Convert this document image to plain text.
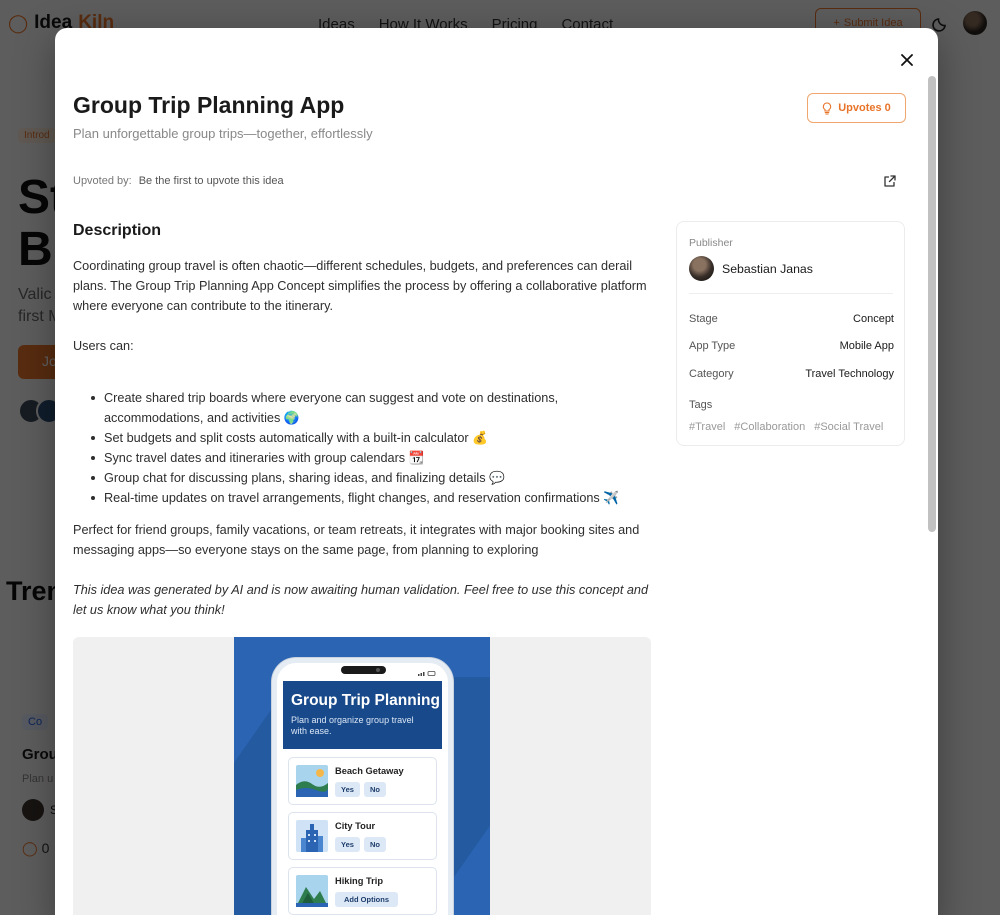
Group Trip Planning App
Plan unforgettable group trips—together, effortlessly
Upvotes 0
Upvoted by: Be the first to upvote this idea
Description

Coordinating group travel is often chaotic—different schedules, budgets, and preferences can derail plans. The Group Trip Planning App Concept simplifies the process by offering a collaborative platform where everyone can contribute to the itinerary.

Users can:

Create shared trip boards where everyone can suggest and vote on destinations, accommodations, and activities 🌍
Set budgets and split costs automatically with a built-in calculator 💰
Sync travel dates and itineraries with group calendars 📆
Group chat for discussing plans, sharing ideas, and finalizing details 💬
Real-time updates on travel arrangements, flight changes, and reservation confirmations ✈️

Perfect for friend groups, family vacations, or team retreats, it integrates with major booking sites and messaging apps—so everyone stays on the same page, from planning to exploring

This idea was generated by AI and is now awaiting human validation. Feel free to use this concept and let us know what you think!

Group Trip Planning
Plan and organize group travel with ease.
Beach Getaway
Yes	No
City Tour
Yes	No
Hiking Trip
Add Options
Publisher
Sebastian Janas
Stage	Concept
App Type	Mobile App
Category	Travel Technology
Tags
#Travel #Collaboration #Social Travel
